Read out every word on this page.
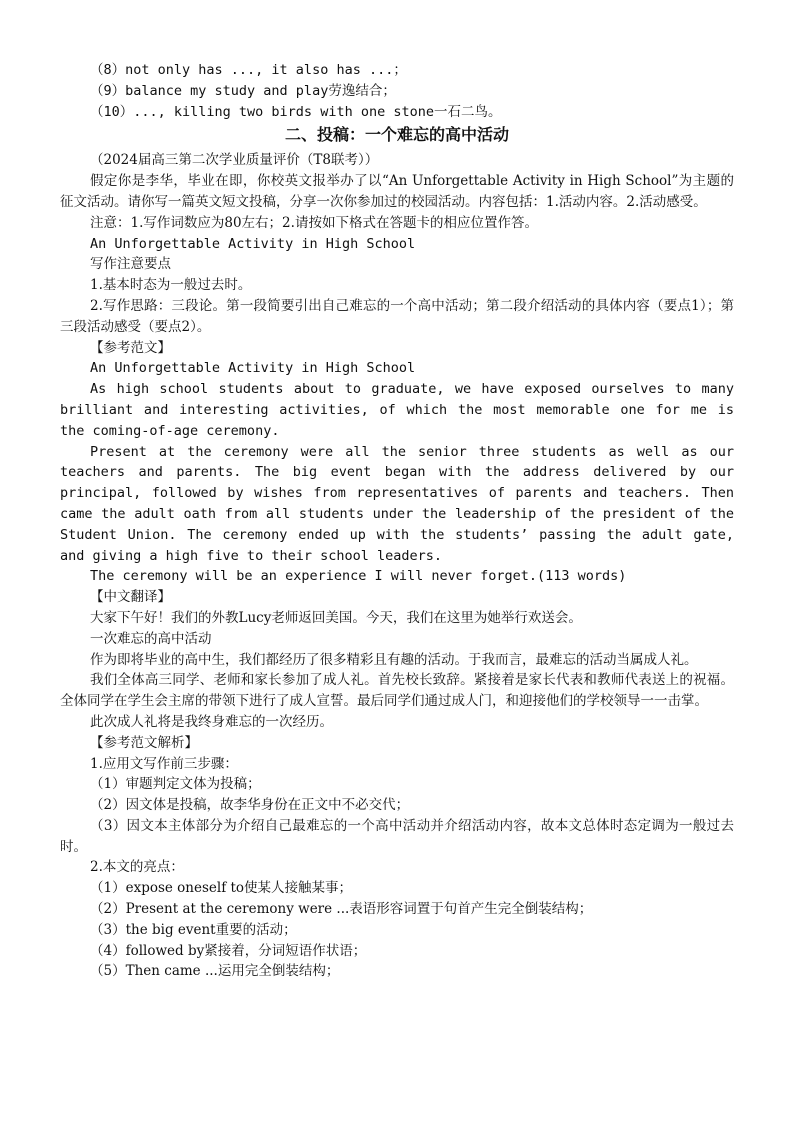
（8）not only has ..., it also has ...；

（9）balance my study and play劳逸结合；

（10）..., killing two birds with one stone一石二鸟。

二、投稿：一个难忘的高中活动

（2024届高三第二次学业质量评价（T8联考））

假定你是李华，毕业在即，你校英文报举办了以“An Unforgettable Activity in High School”为主题的征文活动。请你写一篇英文短文投稿，分享一次你参加过的校园活动。内容包括：1.活动内容。2.活动感受。

注意：1.写作词数应为80左右；2.请按如下格式在答题卡的相应位置作答。

An Unforgettable Activity in High School

写作注意要点

1.基本时态为一般过去时。

2.写作思路：三段论。第一段简要引出自己难忘的一个高中活动；第二段介绍活动的具体内容（要点1）；第三段活动感受（要点2）。

【参考范文】

An Unforgettable Activity in High School

As high school students about to graduate, we have exposed ourselves to many brilliant and interesting activities, of which the most memorable one for me is the coming-of-age ceremony.

Present at the ceremony were all the senior three students as well as our teachers and parents. The big event began with the address delivered by our principal, followed by wishes from representatives of parents and teachers. Then came the adult oath from all students under the leadership of the president of the Student Union. The ceremony ended up with the students’ passing the adult gate, and giving a high five to their school leaders.

The ceremony will be an experience I will never forget.(113 words)

【中文翻译】

大家下午好！我们的外教Lucy老师返回美国。今天，我们在这里为她举行欢送会。

一次难忘的高中活动

作为即将毕业的高中生，我们都经历了很多精彩且有趣的活动。于我而言，最难忘的活动当属成人礼。

我们全体高三同学、老师和家长参加了成人礼。首先校长致辞。紧接着是家长代表和教师代表送上的祝福。全体同学在学生会主席的带领下进行了成人宣誓。最后同学们通过成人门，和迎接他们的学校领导一一击掌。

此次成人礼将是我终身难忘的一次经历。

【参考范文解析】

1.应用文写作前三步骤：

（1）审题判定文体为投稿；

（2）因文体是投稿，故李华身份在正文中不必交代；

（3）因文本主体部分为介绍自己最难忘的一个高中活动并介绍活动内容，故本文总体时态定调为一般过去时。

2.本文的亮点：

（1）expose oneself to使某人接触某事；

（2）Present at the ceremony were ...表语形容词置于句首产生完全倒装结构；

（3）the big event重要的活动；

（4）followed by紧接着，分词短语作状语；

（5）Then came ...运用完全倒装结构；
